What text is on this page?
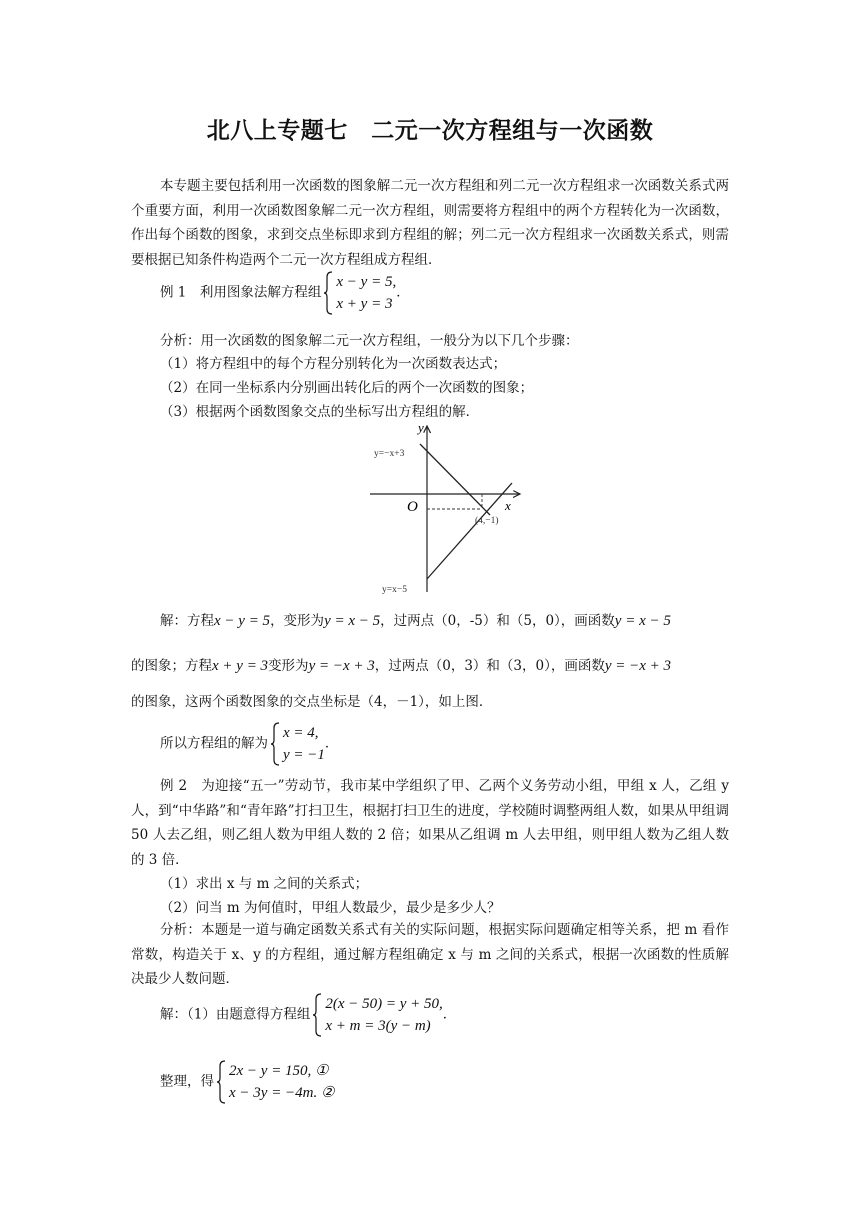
北八上专题七　二元一次方程组与一次函数
本专题主要包括利用一次函数的图象解二元一次方程组和列二元一次方程组求一次函数关系式两个重要方面，利用一次函数图象解二元一次方程组，则需要将方程组中的两个方程转化为一次函数，作出每个函数的图象，求到交点坐标即求到方程组的解；列二元一次方程组求一次函数关系式，则需要根据已知条件构造两个二元一次方程组成方程组．
例 1　利用图象法解方程组
x − y = 5,
x + y = 3
．
分析：用一次函数的图象解二元一次方程组，一般分为以下几个步骤：
（1）将方程组中的每个方程分别转化为一次函数表达式；
（2）在同一坐标系内分别画出转化后的两个一次函数的图象；
（3）根据两个函数图象交点的坐标写出方程组的解．
y
x
O
y=−x+3
y=x−5
(4,−1)
解：方程x − y = 5，变形为y = x − 5，过两点（0，-5）和（5，0），画函数y = x − 5
的图象；方程x + y = 3变形为y = −x + 3，过两点（0，3）和（3，0），画函数y = −x + 3
的图象，这两个函数图象的交点坐标是（4，－1），如上图．
所以方程组的解为
x = 4,
y = −1
．
例 2　为迎接“五一”劳动节，我市某中学组织了甲、乙两个义务劳动小组，甲组 x 人，乙组 y 人，到“中华路”和“青年路”打扫卫生，根据打扫卫生的进度，学校随时调整两组人数，如果从甲组调 50 人去乙组，则乙组人数为甲组人数的 2 倍；如果从乙组调 m 人去甲组，则甲组人数为乙组人数的 3 倍．
（1）求出 x 与 m 之间的关系式；
（2）问当 m 为何值时，甲组人数最少，最少是多少人？
分析：本题是一道与确定函数关系式有关的实际问题，根据实际问题确定相等关系，把 m 看作常数，构造关于 x、y 的方程组，通过解方程组确定 x 与 m 之间的关系式，根据一次函数的性质解决最少人数问题．
解：（1）由题意得方程组
2(x − 50) = y + 50,
x + m = 3(y − m)
．
整理，得
2x − y = 150, ①
x − 3y = −4m. ②
